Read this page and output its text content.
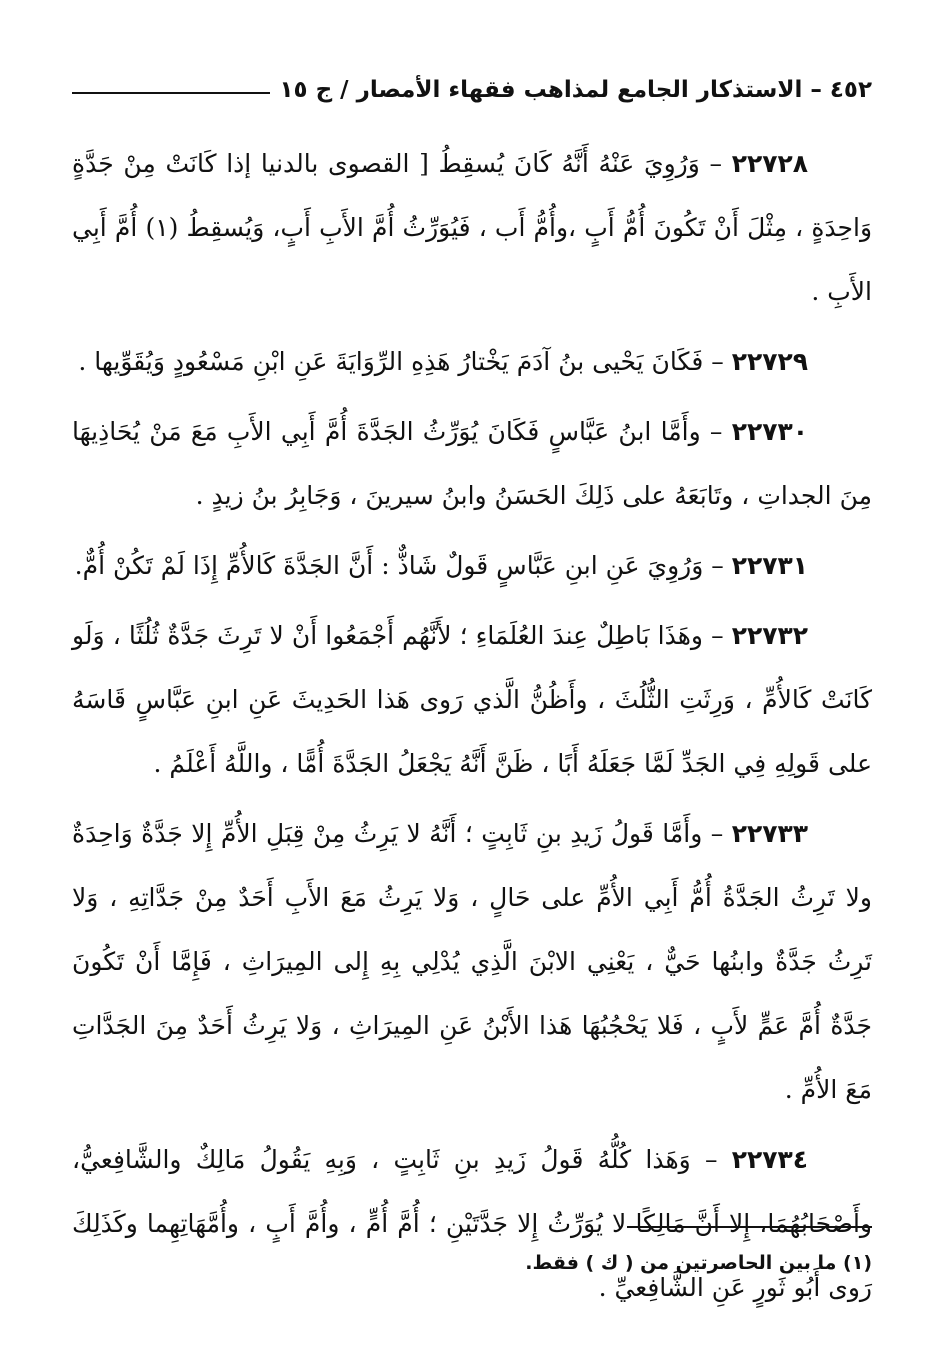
٤٥٢ – الاستذكار الجامع لمذاهب فقهاء الأمصار / ج ١٥

٢٢٧٢٨ – وَرُوِيَ عَنْهُ أَنَّهُ كَانَ يُسقِطُ [ القصوى بالدنيا إذا كَانَتْ مِنْ جَدَّةٍ وَاحِدَةٍ ، مِثْلَ أَنْ تَكُونَ أُمُّ أَبٍ ،وأُمُّ أَب ، فَيُوَرِّثُ أُمَّ الأَبِ أَبٍ، وَيُسقِطُ (١) أُمَّ أَبِي الأَبِ .

٢٢٧٢٩ – فَكَانَ يَحْيى بنُ آدَمَ يَخْتارُ هَذِهِ الرِّوَايَةَ عَنِ ابْنِ مَسْعُودٍ وَيُقَوِّيها .

٢٢٧٣٠ – وأَمَّا ابنُ عَبَّاسٍ فَكَانَ يُوَرِّثُ الجَدَّةَ أُمَّ أَبِي الأَبِ مَعَ مَنْ يُحَاذِيهَا مِنَ الجداتِ ، وتَابَعَهُ على ذَلِكَ الحَسَنُ وابنُ سيرينَ ، وَجَابِرُ بنُ زيدٍ .

٢٢٧٣١ – وَرُوِيَ عَنِ ابنِ عَبَّاسٍ قَولٌ شَاذٌّ : أَنَّ الجَدَّةَ كَالأُمِّ إِذَا لَمْ تَكُنْ أُمٌّ.

٢٢٧٣٢ – وهَذَا بَاطِلٌ عِندَ العُلَمَاءِ ؛ لأَنَّهُم أَجْمَعُوا أَنْ لا تَرِثَ جَدَّةٌ ثُلُثًا ، وَلَو كَانَتْ كَالأُمِّ ، وَرِثَتِ الثُّلُثَ ، وأَظُنُّ الَّذي رَوى هَذا الحَدِيثَ عَنِ ابنِ عَبَّاسٍ قَاسَهُ على قَولِهِ فِي الجَدِّ لَمَّا جَعَلَهُ أَبًا ، ظَنَّ أَنَّهُ يَجْعَلُ الجَدَّةَ أُمًّا ، واللَّهُ أَعْلَمُ .

٢٢٧٣٣ – وأَمَّا قَولُ زَيدِ بنِ ثَابِتٍ ؛ أَنَّهُ لا يَرِثُ مِنْ قِبَلِ الأُمِّ إِلا جَدَّةٌ وَاحِدَةٌ ولا تَرِثُ الجَدَّةُ أُمُّ أَبِي الأُمِّ على حَالٍ ، وَلا يَرِثُ مَعَ الأَبِ أَحَدٌ مِنْ جَدَّاتِهِ ، وَلا تَرِثُ جَدَّةٌ وابنُها حَيٌّ ، يَعْنِي الابْنَ الَّذِي يُدْلِي بِهِ إِلى المِيرَاثِ ، فَإِمَّا أَنْ تَكُونَ جَدَّةٌ أُمَّ عَمٍّ لأَبٍ ، فَلا يَحْجُبُهَا هَذا الأَبْنُ عَنِ المِيرَاثِ ، وَلا يَرِثُ أَحَدٌ مِنَ الجَدَّاتِ مَعَ الأُمِّ .

٢٢٧٣٤ – وَهَذا كُلُّهُ قَولُ زَيدِ بنِ ثَابِتٍ ، وَبِهِ يَقُولُ مَالِكٌ والشَّافِعيُّ، وأَصْحَابُهُمَا، إِلا أَنَّ مَالِكًا لا يُوَرِّثُ إِلا جَدَّتَيْنِ ؛ أُمَّ أُمٍّ ، وأُمَّ أَبٍ ، وأُمَّهَاتِهِما وكَذَلِكَ رَوى أَبُو ثَورٍ عَنِ الشَّافِعيِّ .

(١) ما بين الحاصرتين من ( ك ) فقط.
